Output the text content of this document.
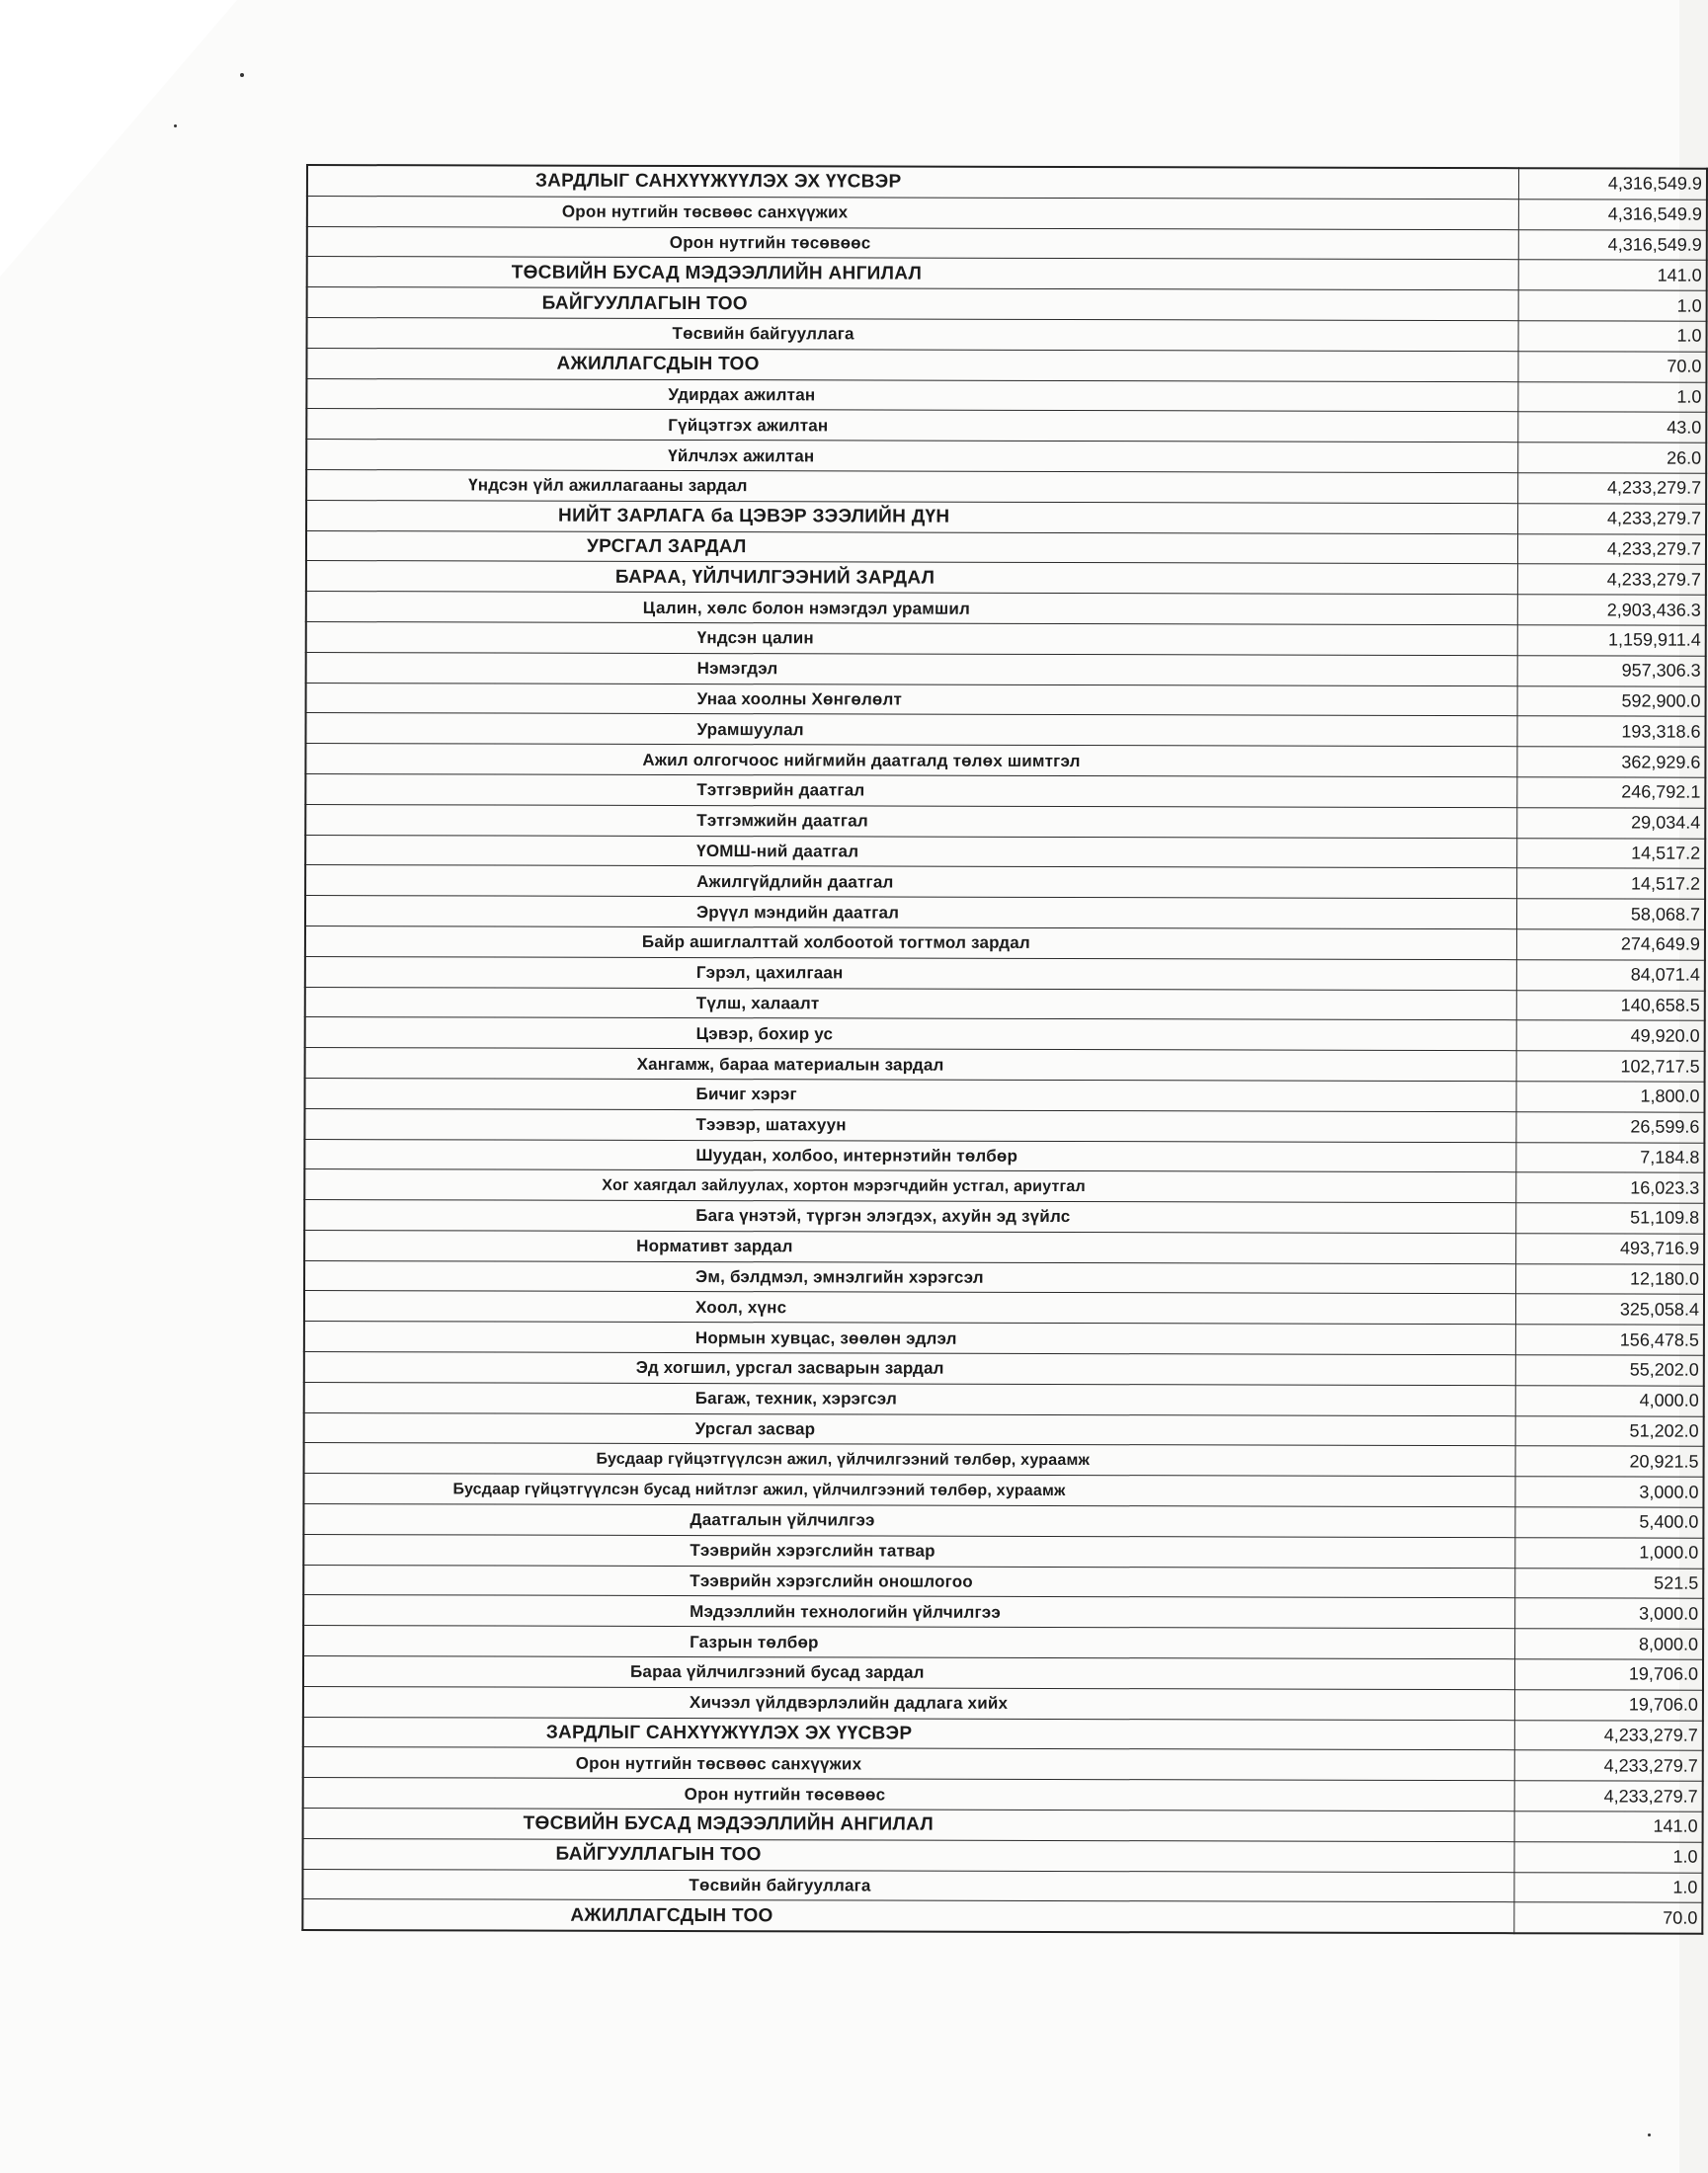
ЗАРДЛЫГ САНХҮҮЖҮҮЛЭХ ЭХ ҮҮСВЭР	4,316,549.9
Орон нутгийн төсвөөс санхүүжих	4,316,549.9
Орон нутгийн төсөвөөс	4,316,549.9
ТӨСВИЙН БУСАД МЭДЭЭЛЛИЙН АНГИЛАЛ	141.0
БАЙГУУЛЛАГЫН ТОО	1.0
Төсвийн байгууллага	1.0
АЖИЛЛАГСДЫН ТОО	70.0
Удирдах ажилтан	1.0
Гүйцэтгэх ажилтан	43.0
Үйлчлэх ажилтан	26.0
Үндсэн үйл ажиллагааны зардал	4,233,279.7
НИЙТ ЗАРЛАГА ба ЦЭВЭР ЗЭЭЛИЙН ДҮН	4,233,279.7
УРСГАЛ ЗАРДАЛ	4,233,279.7
БАРАА, ҮЙЛЧИЛГЭЭНИЙ ЗАРДАЛ	4,233,279.7
Цалин, хөлс болон нэмэгдэл урамшил	2,903,436.3
Үндсэн цалин	1,159,911.4
Нэмэгдэл	957,306.3
Унаа хоолны Хөнгөлөлт	592,900.0
Урамшуулал	193,318.6
Ажил олгогчоос нийгмийн даатгалд төлөх шимтгэл	362,929.6
Тэтгэврийн даатгал	246,792.1
Тэтгэмжийн даатгал	29,034.4
ҮОМШ-ний даатгал	14,517.2
Ажилгүйдлийн даатгал	14,517.2
Эрүүл мэндийн даатгал	58,068.7
Байр ашиглалттай холбоотой тогтмол зардал	274,649.9
Гэрэл, цахилгаан	84,071.4
Түлш, халаалт	140,658.5
Цэвэр, бохир ус	49,920.0
Хангамж, бараа материалын зардал	102,717.5
Бичиг хэрэг	1,800.0
Тээвэр, шатахуун	26,599.6
Шуудан, холбоо, интернэтийн төлбөр	7,184.8
Хог хаягдал зайлуулах, хортон мэрэгчдийн устгал, ариутгал	16,023.3
Бага үнэтэй, түргэн элэгдэх, ахуйн эд зүйлс	51,109.8
Нормативт зардал	493,716.9
Эм, бэлдмэл, эмнэлгийн хэрэгсэл	12,180.0
Хоол, хүнс	325,058.4
Нормын хувцас, зөөлөн эдлэл	156,478.5
Эд хогшил, урсгал засварын зардал	55,202.0
Багаж, техник, хэрэгсэл	4,000.0
Урсгал засвар	51,202.0
Бусдаар гүйцэтгүүлсэн ажил, үйлчилгээний төлбөр, хураамж	20,921.5
Бусдаар гүйцэтгүүлсэн бусад нийтлэг ажил, үйлчилгээний төлбөр, хураамж	3,000.0
Даатгалын үйлчилгээ	5,400.0
Тээврийн хэрэгслийн татвар	1,000.0
Тээврийн хэрэгслийн оношлогоо	521.5
Мэдээллийн технологийн үйлчилгээ	3,000.0
Газрын төлбөр	8,000.0
Бараа үйлчилгээний бусад зардал	19,706.0
Хичээл үйлдвэрлэлийн дадлага хийх	19,706.0
ЗАРДЛЫГ САНХҮҮЖҮҮЛЭХ ЭХ ҮҮСВЭР	4,233,279.7
Орон нутгийн төсвөөс санхүүжих	4,233,279.7
Орон нутгийн төсөвөөс	4,233,279.7
ТӨСВИЙН БУСАД МЭДЭЭЛЛИЙН АНГИЛАЛ	141.0
БАЙГУУЛЛАГЫН ТОО	1.0
Төсвийн байгууллага	1.0
АЖИЛЛАГСДЫН ТОО	70.0
